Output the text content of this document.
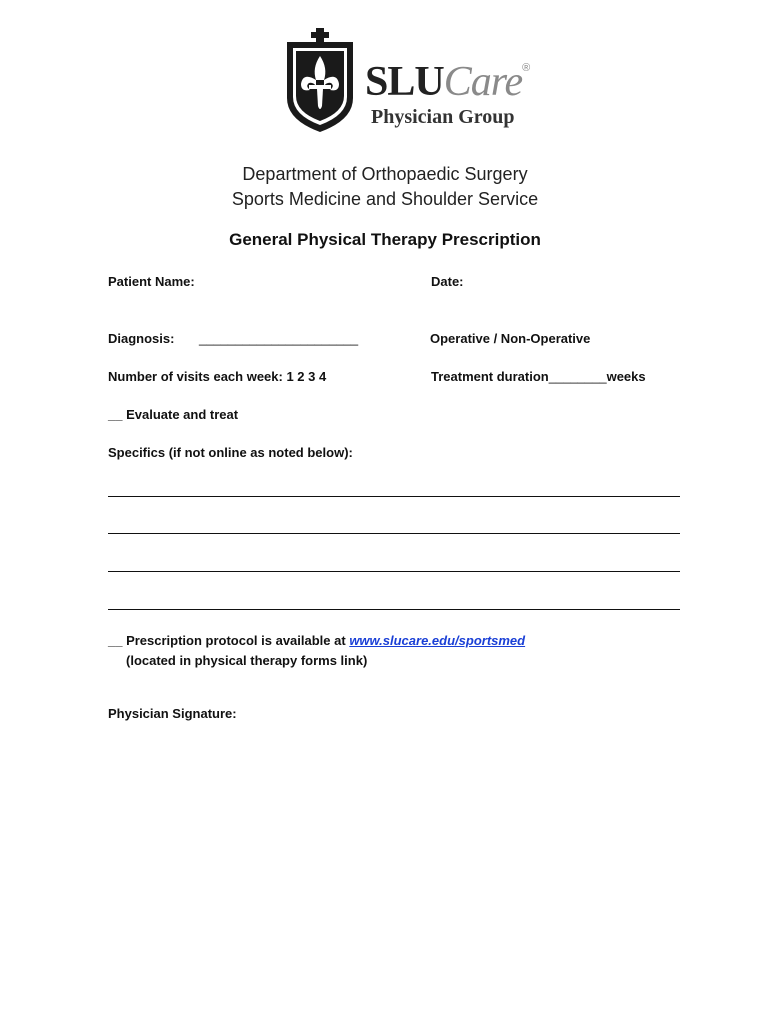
SLUCare®
Physician Group
Department of Orthopaedic Surgery
Sports Medicine and Shoulder Service
General Physical Therapy Prescription
Patient Name:	Date:
Diagnosis: ______________________	Operative / Non-Operative
Number of visits each week: 1 2 3 4	Treatment duration________weeks
__ Evaluate and treat
Specifics (if not online as noted below):
__ Prescription protocol is available at www.slucare.edu/sportsmed
(located in physical therapy forms link)
Physician Signature:
